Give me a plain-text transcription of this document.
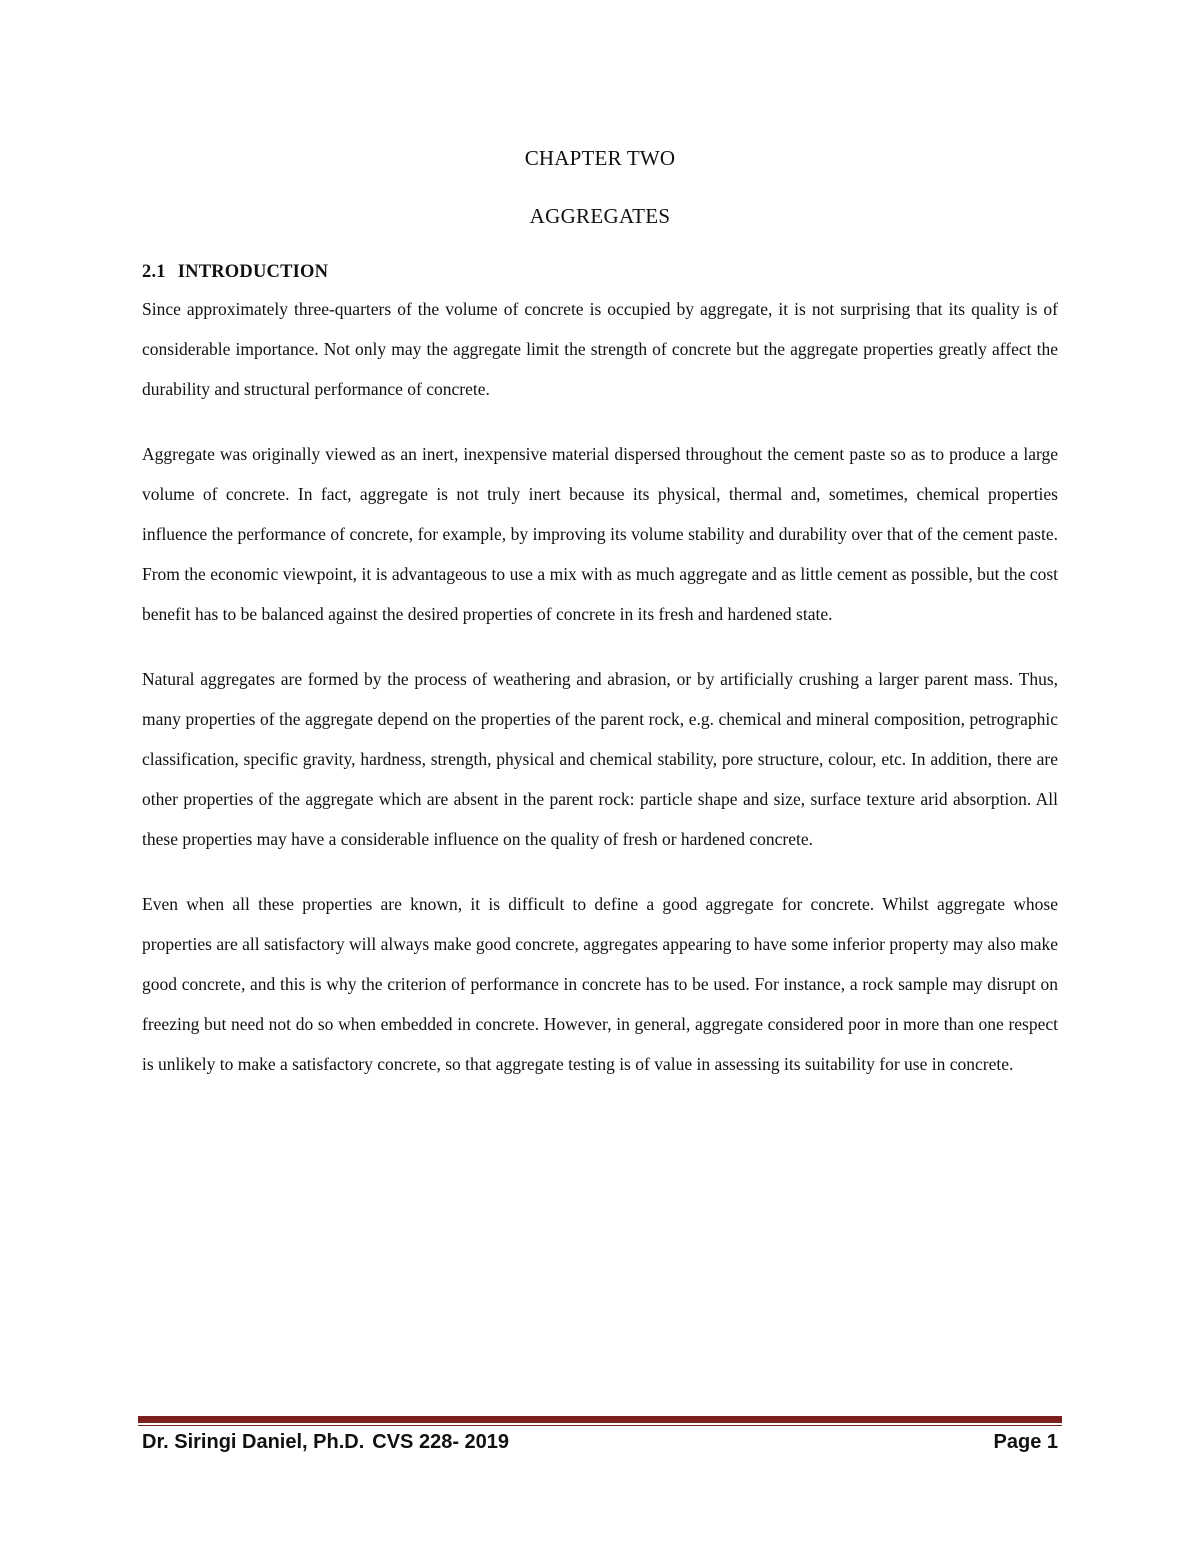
CHAPTER TWO
AGGREGATES
2.1 INTRODUCTION

Since approximately three-quarters of the volume of concrete is occupied by aggregate, it is not surprising that its quality is of considerable importance. Not only may the aggregate limit the strength of concrete but the aggregate properties greatly affect the durability and structural performance of concrete.

Aggregate was originally viewed as an inert, inexpensive material dispersed throughout the cement paste so as to produce a large volume of concrete. In fact, aggregate is not truly inert because its physical, thermal and, sometimes, chemical properties influence the performance of concrete, for example, by improving its volume stability and durability over that of the cement paste. From the economic viewpoint, it is advantageous to use a mix with as much aggregate and as little cement as possible, but the cost benefit has to be balanced against the desired properties of concrete in its fresh and hardened state.

Natural aggregates are formed by the process of weathering and abrasion, or by artificially crushing a larger parent mass. Thus, many properties of the aggregate depend on the properties of the parent rock, e.g. chemical and mineral composition, petrographic classification, specific gravity, hardness, strength, physical and chemical stability, pore structure, colour, etc. In addition, there are other properties of the aggregate which are absent in the parent rock: particle shape and size, surface texture arid absorption. All these properties may have a considerable influence on the quality of fresh or hardened concrete.

Even when all these properties are known, it is difficult to define a good aggregate for concrete. Whilst aggregate whose properties are all satisfactory will always make good concrete, aggregates appearing to have some inferior property may also make good concrete, and this is why the criterion of performance in concrete has to be used. For instance, a rock sample may disrupt on freezing but need not do so when embedded in concrete. However, in general, aggregate considered poor in more than one respect is unlikely to make a satisfactory concrete, so that aggregate testing is of value in assessing its suitability for use in concrete.

Dr. Siringi Daniel, Ph.D. CVS 228- 2019	Page 1
